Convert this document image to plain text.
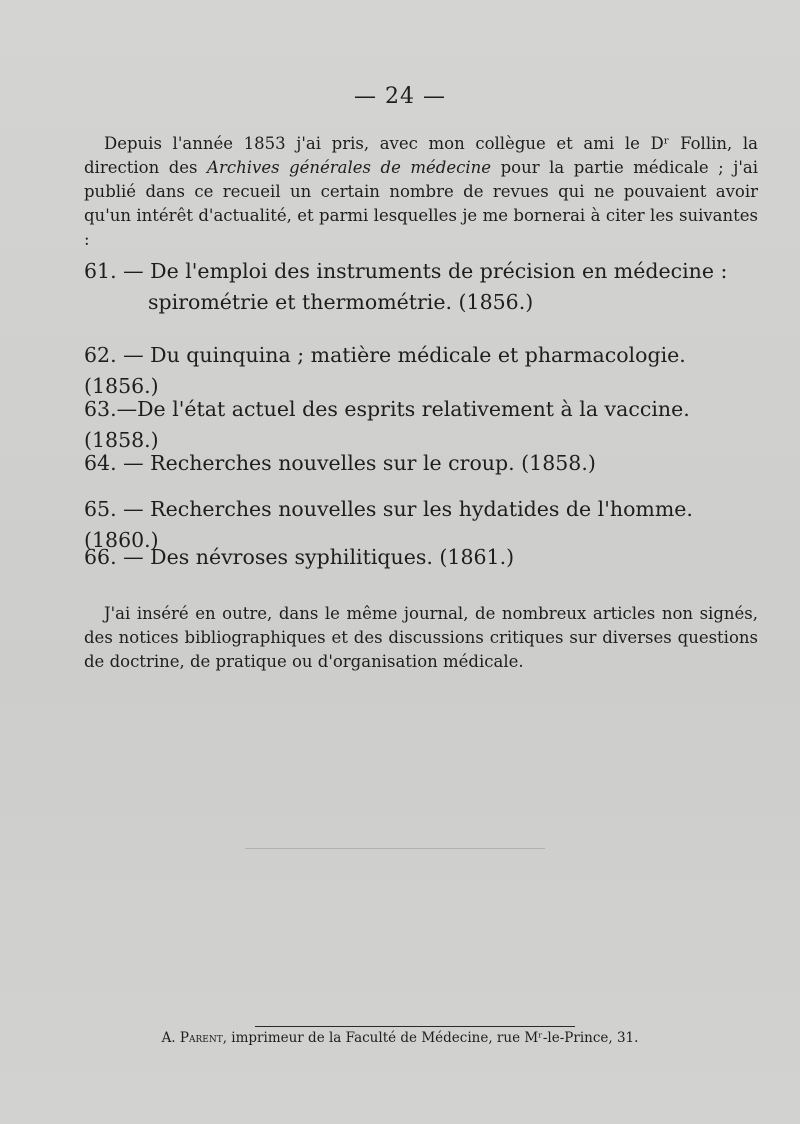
— 24 —

Depuis l'année 1853 j'ai pris, avec mon collègue et ami le Dʳ Follin, la direction des Archives générales de médecine pour la partie médicale ; j'ai publié dans ce recueil un certain nombre de revues qui ne pouvaient avoir qu'un intérêt d'actualité, et parmi lesquelles je me bornerai à citer les suivantes :

61. — De l'emploi des instruments de précision en médecine :
spirométrie et thermométrie. (1856.)
62. — Du quinquina ; matière médicale et pharmacologie. (1856.)
63.—De l'état actuel des esprits relativement à la vaccine. (1858.)
64. — Recherches nouvelles sur le croup. (1858.)
65. — Recherches nouvelles sur les hydatides de l'homme. (1860.)
66. — Des névroses syphilitiques. (1861.)

J'ai inséré en outre, dans le même journal, de nombreux articles non signés, des notices bibliographiques et des discussions critiques sur diverses questions de doctrine, de pratique ou d'organisation médicale.

A. Parent, imprimeur de la Faculté de Médecine, rue Mʳ-le-Prince, 31.
